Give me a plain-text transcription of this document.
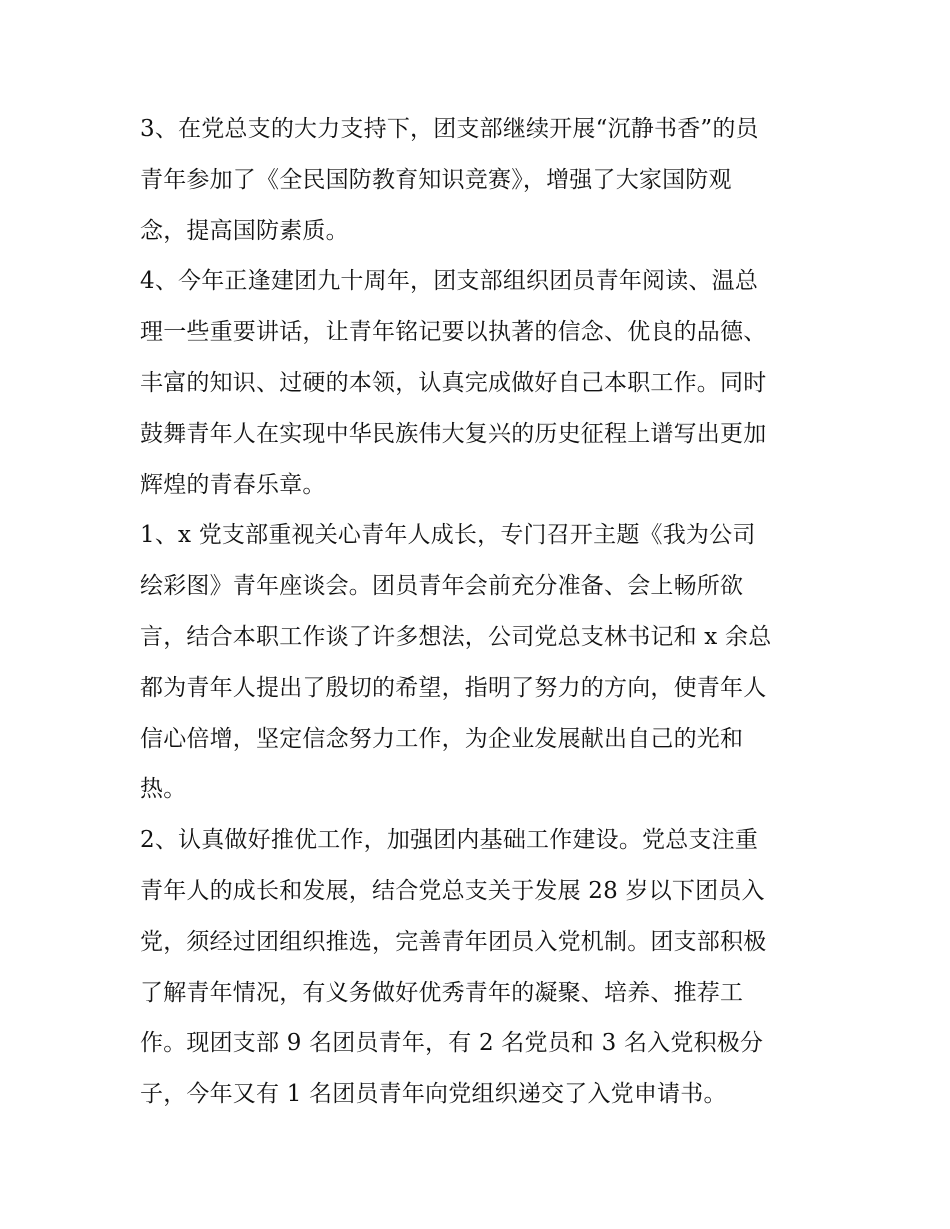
3、在党总支的大力支持下，团支部继续开展“沉静书香”的员
青年参加了《全民国防教育知识竞赛》，增强了大家国防观
念，提高国防素质。
4、今年正逢建团九十周年，团支部组织团员青年阅读、温总
理一些重要讲话，让青年铭记要以执著的信念、优良的品德、
丰富的知识、过硬的本领，认真完成做好自己本职工作。同时
鼓舞青年人在实现中华民族伟大复兴的历史征程上谱写出更加
辉煌的青春乐章。
1、x 党支部重视关心青年人成长，专门召开主题《我为公司
绘彩图》青年座谈会。团员青年会前充分准备、会上畅所欲
言，结合本职工作谈了许多想法，公司党总支林书记和 x 余总
都为青年人提出了殷切的希望，指明了努力的方向，使青年人
信心倍增，坚定信念努力工作，为企业发展献出自己的光和
热。
2、认真做好推优工作，加强团内基础工作建设。党总支注重
青年人的成长和发展，结合党总支关于发展 28 岁以下团员入
党，须经过团组织推选，完善青年团员入党机制。团支部积极
了解青年情况，有义务做好优秀青年的凝聚、培养、推荐工
作。现团支部 9 名团员青年，有 2 名党员和 3 名入党积极分
子，今年又有 1 名团员青年向党组织递交了入党申请书。
